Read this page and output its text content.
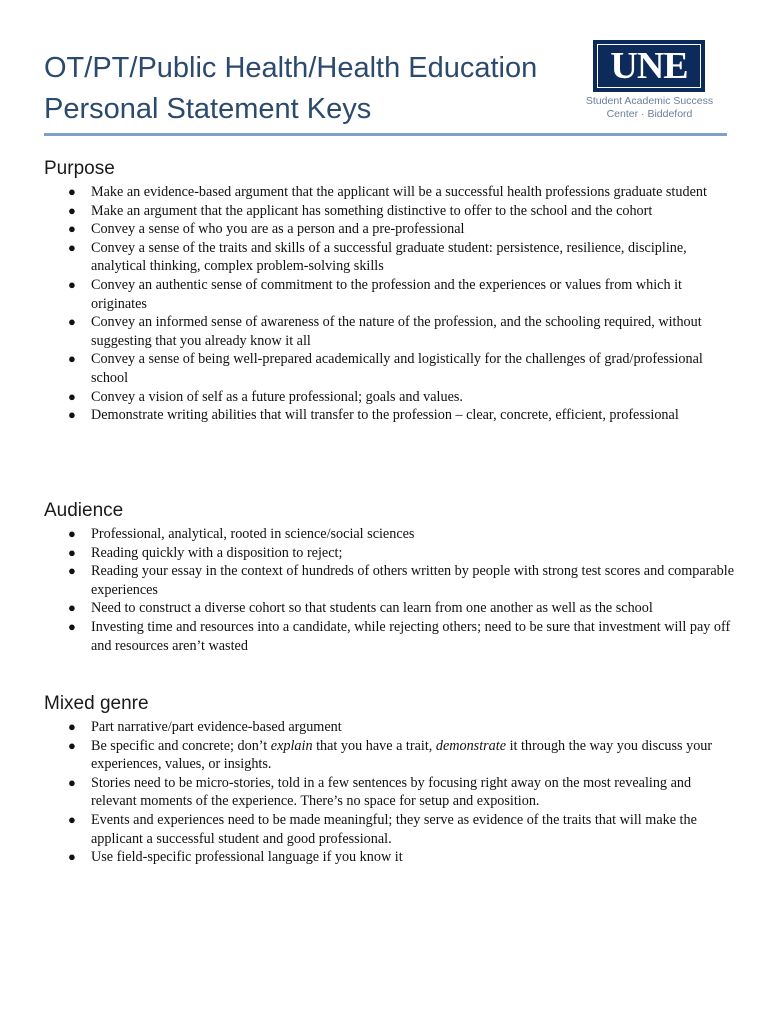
OT/PT/Public Health/Health Education
Personal Statement Keys
UNE
Student Academic Success
Center · Biddeford
Purpose
● Make an evidence-based argument that the applicant will be a successful health professions graduate student
● Make an argument that the applicant has something distinctive to offer to the school and the cohort
● Convey a sense of who you are as a person and a pre-professional
● Convey a sense of the traits and skills of a successful graduate student: persistence, resilience, discipline, analytical thinking, complex problem-solving skills
● Convey an authentic sense of commitment to the profession and the experiences or values from which it originates
● Convey an informed sense of awareness of the nature of the profession, and the schooling required, without suggesting that you already know it all
● Convey a sense of being well-prepared academically and logistically for the challenges of grad/professional school
● Convey a vision of self as a future professional; goals and values.
● Demonstrate writing abilities that will transfer to the profession – clear, concrete, efficient, professional
Audience
● Professional, analytical, rooted in science/social sciences
● Reading quickly with a disposition to reject;
● Reading your essay in the context of hundreds of others written by people with strong test scores and comparable experiences
● Need to construct a diverse cohort so that students can learn from one another as well as the school
● Investing time and resources into a candidate, while rejecting others; need to be sure that investment will pay off and resources aren’t wasted
Mixed genre
● Part narrative/part evidence-based argument
● Be specific and concrete; don’t explain that you have a trait, demonstrate it through the way you discuss your experiences, values, or insights.
● Stories need to be micro-stories, told in a few sentences by focusing right away on the most revealing and relevant moments of the experience. There’s no space for setup and exposition.
● Events and experiences need to be made meaningful; they serve as evidence of the traits that will make the applicant a successful student and good professional.
● Use field-specific professional language if you know it
